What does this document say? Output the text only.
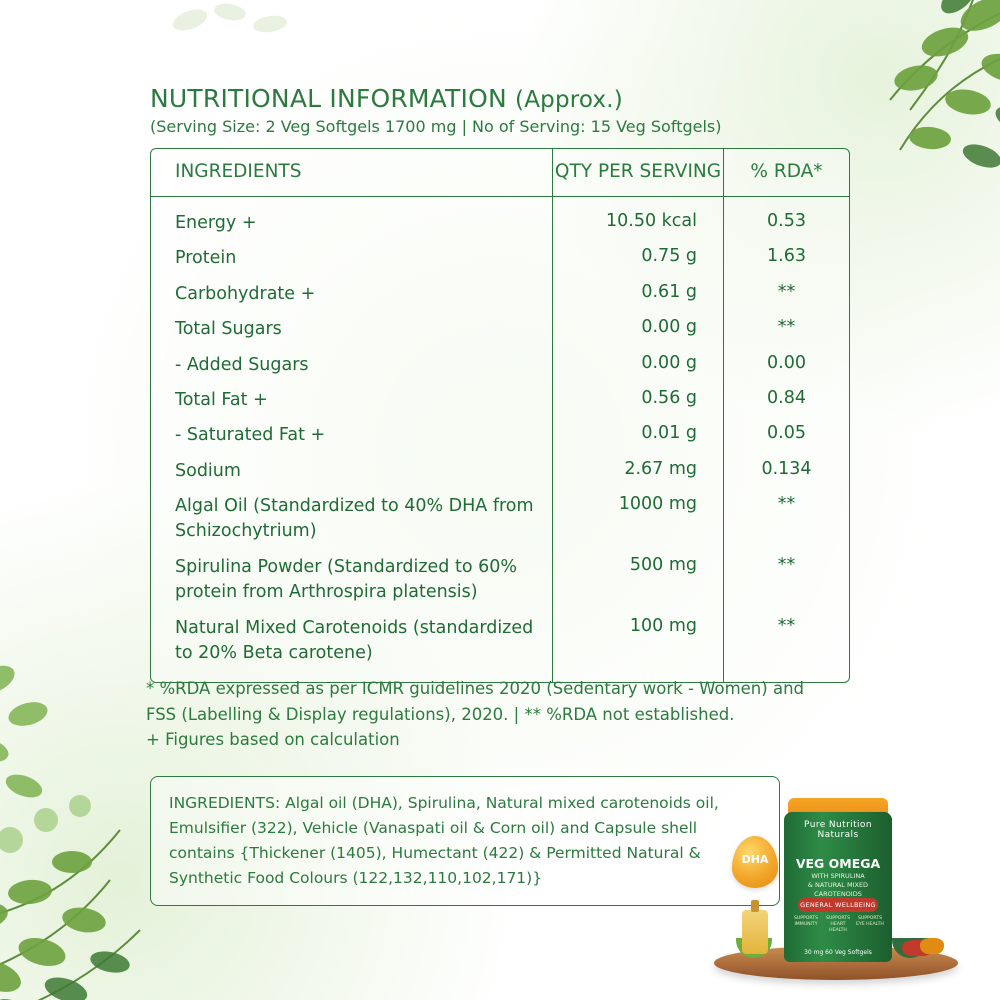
NUTRITIONAL INFORMATION (Approx.)
(Serving Size: 2 Veg Softgels 1700 mg | No of Serving: 15 Veg Softgels)
INGREDIENTS	QTY PER SERVING	% RDA*
Energy +	10.50 kcal	0.53
Protein	0.75 g	1.63
Carbohydrate +	0.61 g	**
Total Sugars	0.00 g	**
- Added Sugars	0.00 g	0.00
Total Fat +	0.56 g	0.84
- Saturated Fat +	0.01 g	0.05
Sodium	2.67 mg	0.134
Algal Oil (Standardized to 40% DHA from Schizochytrium)	1000 mg	**
Spirulina Powder (Standardized to 60% protein from Arthrospira platensis)	500 mg	**
Natural Mixed Carotenoids (standardized to 20% Beta carotene)	100 mg	**
* %RDA expressed as per ICMR guidelines 2020 (Sedentary work - Women) and
FSS (Labelling & Display regulations), 2020. | ** %RDA not established.
+ Figures based on calculation
INGREDIENTS: Algal oil (DHA), Spirulina, Natural mixed carotenoids oil, Emulsifier (322), Vehicle (Vanaspati oil & Corn oil) and Capsule shell contains {Thickener (1405), Humectant (422) & Permitted Natural & Synthetic Food Colours (122,132,110,102,171)}
DHA
Pure Nutrition Naturals
VEG OMEGA
WITH SPIRULINA
& NATURAL MIXED CAROTENOIDS
GENERAL WELLBEING
SUPPORTS IMMUNITY
SUPPORTS HEART HEALTH
SUPPORTS EYE HEALTH
30 mg 60 Veg Softgels
